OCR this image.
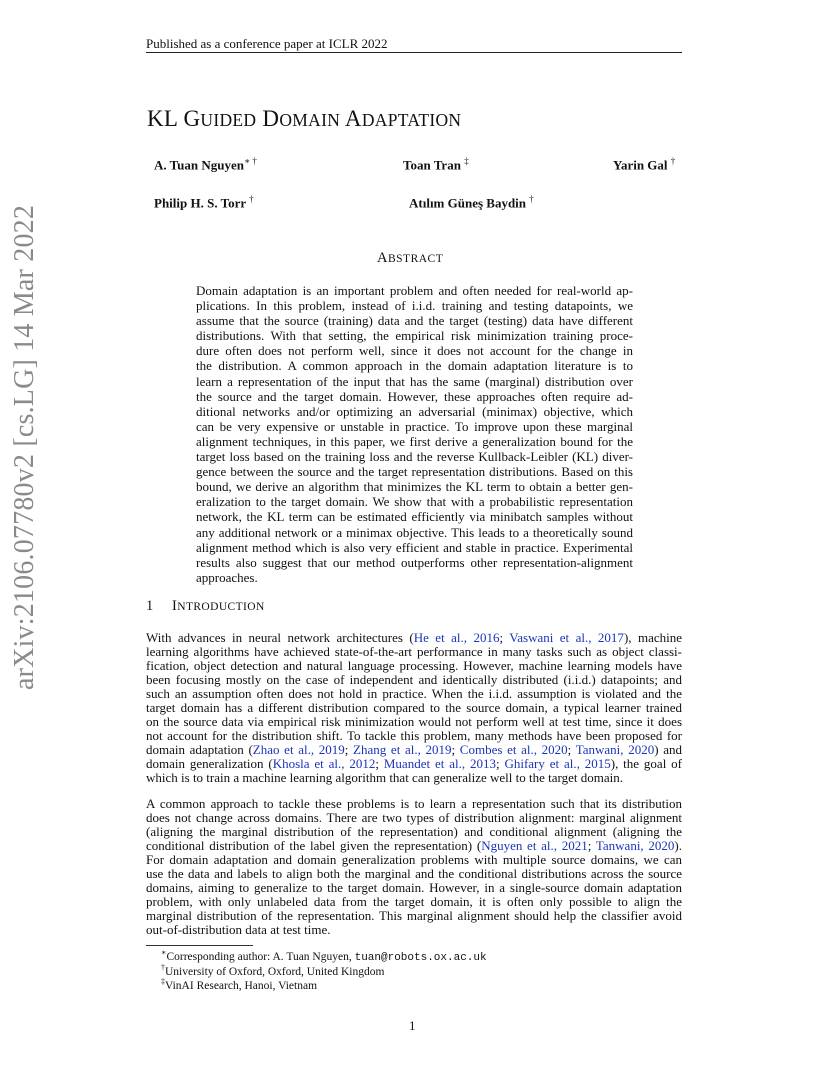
Published as a conference paper at ICLR 2022
arXiv:2106.07780v2 [cs.LG] 14 Mar 2022
KL GUIDED DOMAIN ADAPTATION
A. Tuan Nguyen∗ †	Toan Tran ‡	Yarin Gal †
Philip H. S. Torr †	Atılım Güneş Baydin †
ABSTRACT
Domain adaptation is an important problem and often needed for real-world ap-
plications. In this problem, instead of i.i.d. training and testing datapoints, we
assume that the source (training) data and the target (testing) data have different
distributions. With that setting, the empirical risk minimization training proce-
dure often does not perform well, since it does not account for the change in
the distribution. A common approach in the domain adaptation literature is to
learn a representation of the input that has the same (marginal) distribution over
the source and the target domain. However, these approaches often require ad-
ditional networks and/or optimizing an adversarial (minimax) objective, which
can be very expensive or unstable in practice. To improve upon these marginal
alignment techniques, in this paper, we first derive a generalization bound for the
target loss based on the training loss and the reverse Kullback-Leibler (KL) diver-
gence between the source and the target representation distributions. Based on this
bound, we derive an algorithm that minimizes the KL term to obtain a better gen-
eralization to the target domain. We show that with a probabilistic representation
network, the KL term can be estimated efficiently via minibatch samples without
any additional network or a minimax objective. This leads to a theoretically sound
alignment method which is also very efficient and stable in practice. Experimental
results also suggest that our method outperforms other representation-alignment
approaches.
1 INTRODUCTION
With advances in neural network architectures (He et al., 2016; Vaswani et al., 2017), machine
learning algorithms have achieved state-of-the-art performance in many tasks such as object classi-
fication, object detection and natural language processing. However, machine learning models have
been focusing mostly on the case of independent and identically distributed (i.i.d.) datapoints; and
such an assumption often does not hold in practice. When the i.i.d. assumption is violated and the
target domain has a different distribution compared to the source domain, a typical learner trained
on the source data via empirical risk minimization would not perform well at test time, since it does
not account for the distribution shift. To tackle this problem, many methods have been proposed for
domain adaptation (Zhao et al., 2019; Zhang et al., 2019; Combes et al., 2020; Tanwani, 2020) and
domain generalization (Khosla et al., 2012; Muandet et al., 2013; Ghifary et al., 2015), the goal of
which is to train a machine learning algorithm that can generalize well to the target domain.
A common approach to tackle these problems is to learn a representation such that its distribution
does not change across domains. There are two types of distribution alignment: marginal alignment
(aligning the marginal distribution of the representation) and conditional alignment (aligning the
conditional distribution of the label given the representation) (Nguyen et al., 2021; Tanwani, 2020).
For domain adaptation and domain generalization problems with multiple source domains, we can
use the data and labels to align both the marginal and the conditional distributions across the source
domains, aiming to generalize to the target domain. However, in a single-source domain adaptation
problem, with only unlabeled data from the target domain, it is often only possible to align the
marginal distribution of the representation. This marginal alignment should help the classifier avoid
out-of-distribution data at test time.
∗Corresponding author: A. Tuan Nguyen, tuan@robots.ox.ac.uk
†University of Oxford, Oxford, United Kingdom
‡VinAI Research, Hanoi, Vietnam
1
